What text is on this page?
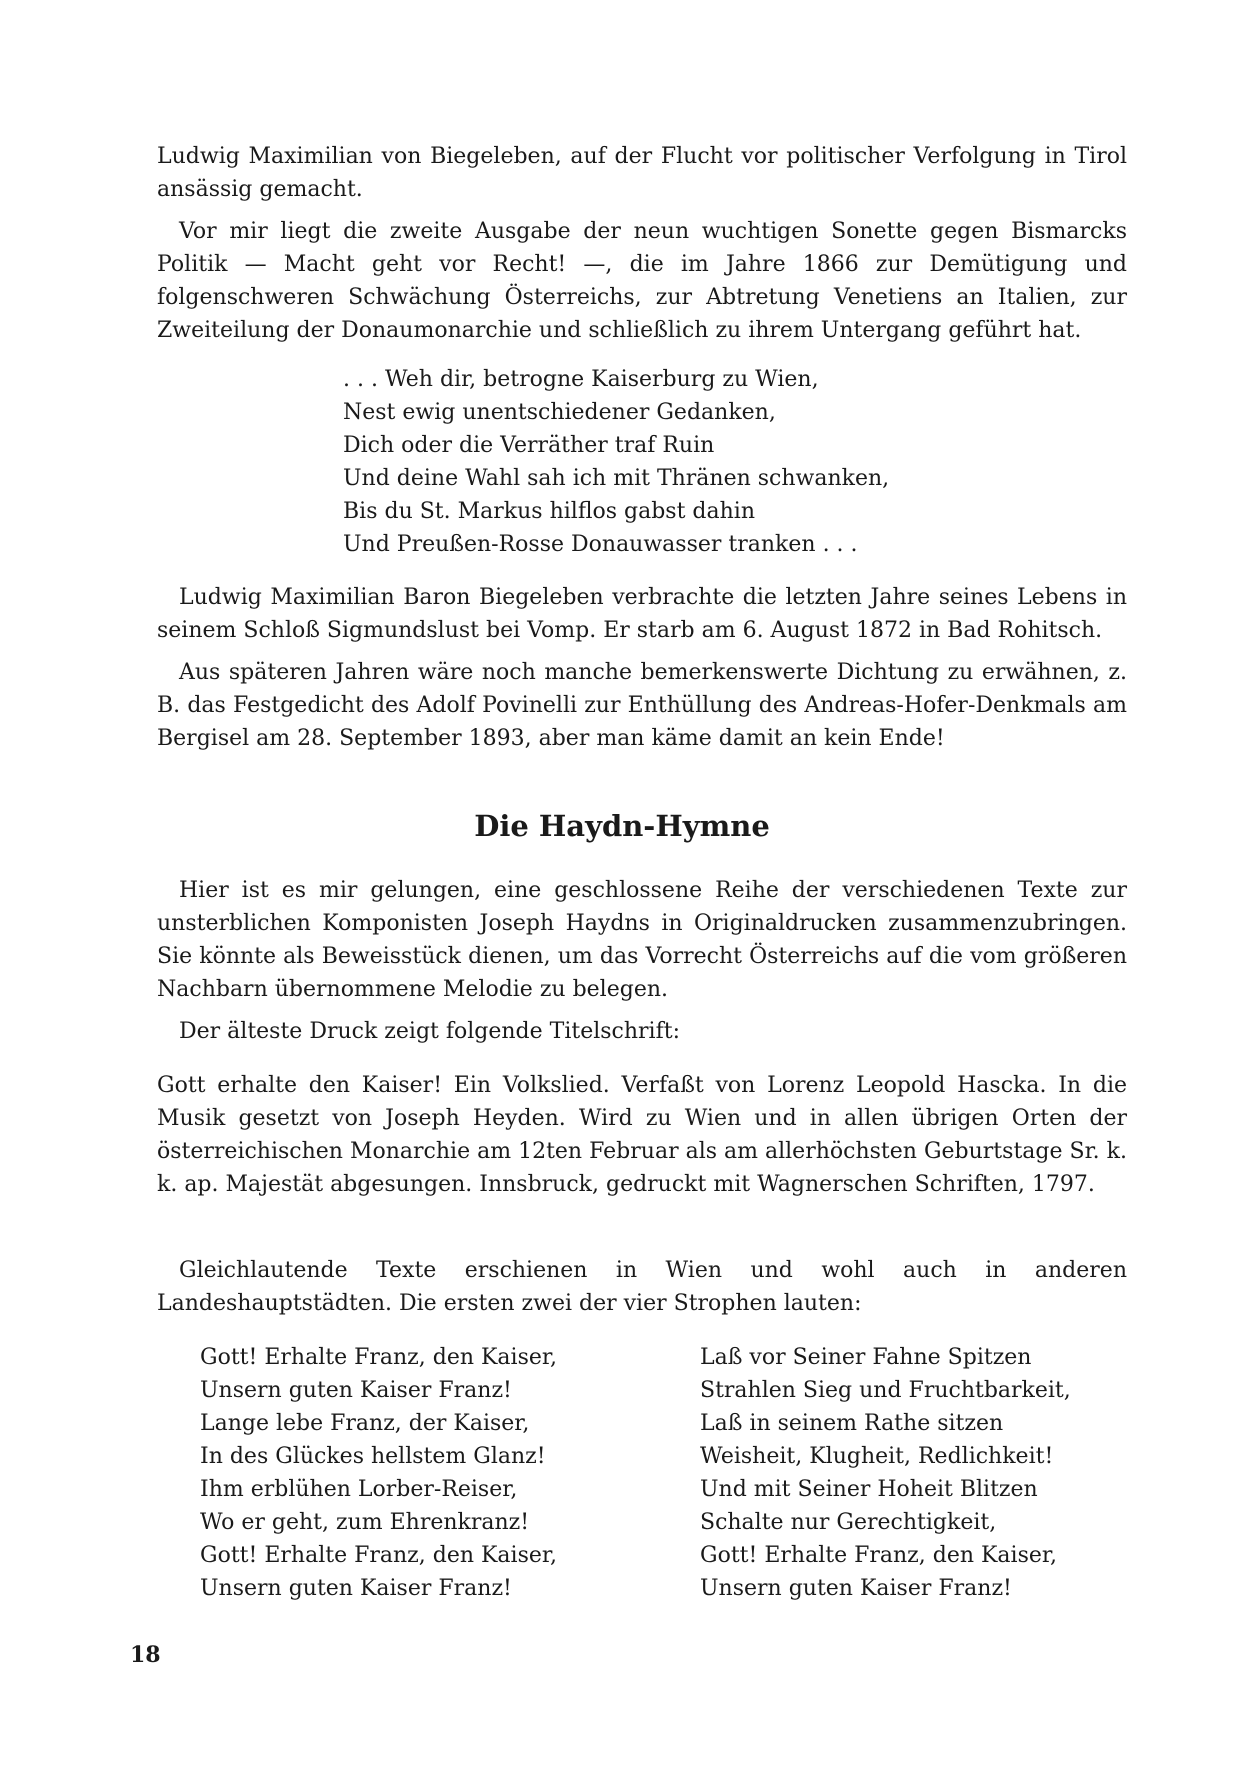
Ludwig Maximilian von Biegeleben, auf der Flucht vor politischer Verfolgung in Tirol ansässig gemacht.

Vor mir liegt die zweite Ausgabe der neun wuchtigen Sonette gegen Bismarcks Politik — Macht geht vor Recht! —, die im Jahre 1866 zur Demütigung und folgenschweren Schwächung Österreichs, zur Abtretung Venetiens an Italien, zur Zweiteilung der Donaumonarchie und schließlich zu ihrem Untergang geführt hat.

. . . Weh dir, betrogne Kaiserburg zu Wien,
Nest ewig unentschiedener Gedanken,
Dich oder die Verräther traf Ruin
Und deine Wahl sah ich mit Thränen schwanken,
Bis du St. Markus hilflos gabst dahin
Und Preußen-Rosse Donauwasser tranken . . .

Ludwig Maximilian Baron Biegeleben verbrachte die letzten Jahre seines Lebens in seinem Schloß Sigmundslust bei Vomp. Er starb am 6. August 1872 in Bad Rohitsch.

Aus späteren Jahren wäre noch manche bemerkenswerte Dichtung zu erwähnen, z. B. das Festgedicht des Adolf Povinelli zur Enthüllung des Andreas-Hofer-Denkmals am Bergisel am 28. September 1893, aber man käme damit an kein Ende!

Die Haydn-Hymne

Hier ist es mir gelungen, eine geschlossene Reihe der verschiedenen Texte zur unsterblichen Komponisten Joseph Haydns in Originaldrucken zusammenzubringen. Sie könnte als Beweisstück dienen, um das Vorrecht Österreichs auf die vom größeren Nachbarn übernommene Melodie zu belegen.

Der älteste Druck zeigt folgende Titelschrift:

Gott erhalte den Kaiser! Ein Volkslied. Verfaßt von Lorenz Leopold Hascka. In die Musik gesetzt von Joseph Heyden. Wird zu Wien und in allen übrigen Orten der österreichischen Monarchie am 12ten Februar als am allerhöchsten Geburtstage Sr. k. k. ap. Majestät abgesungen. Innsbruck, gedruckt mit Wagnerschen Schriften, 1797.

Gleichlautende Texte erschienen in Wien und wohl auch in anderen Landeshauptstädten. Die ersten zwei der vier Strophen lauten:

Gott! Erhalte Franz, den Kaiser,
Unsern guten Kaiser Franz!
Lange lebe Franz, der Kaiser,
In des Glückes hellstem Glanz!
Ihm erblühen Lorber-Reiser,
Wo er geht, zum Ehrenkranz!
Gott! Erhalte Franz, den Kaiser,
Unsern guten Kaiser Franz!
Laß vor Seiner Fahne Spitzen
Strahlen Sieg und Fruchtbarkeit,
Laß in seinem Rathe sitzen
Weisheit, Klugheit, Redlichkeit!
Und mit Seiner Hoheit Blitzen
Schalte nur Gerechtigkeit,
Gott! Erhalte Franz, den Kaiser,
Unsern guten Kaiser Franz!
18
